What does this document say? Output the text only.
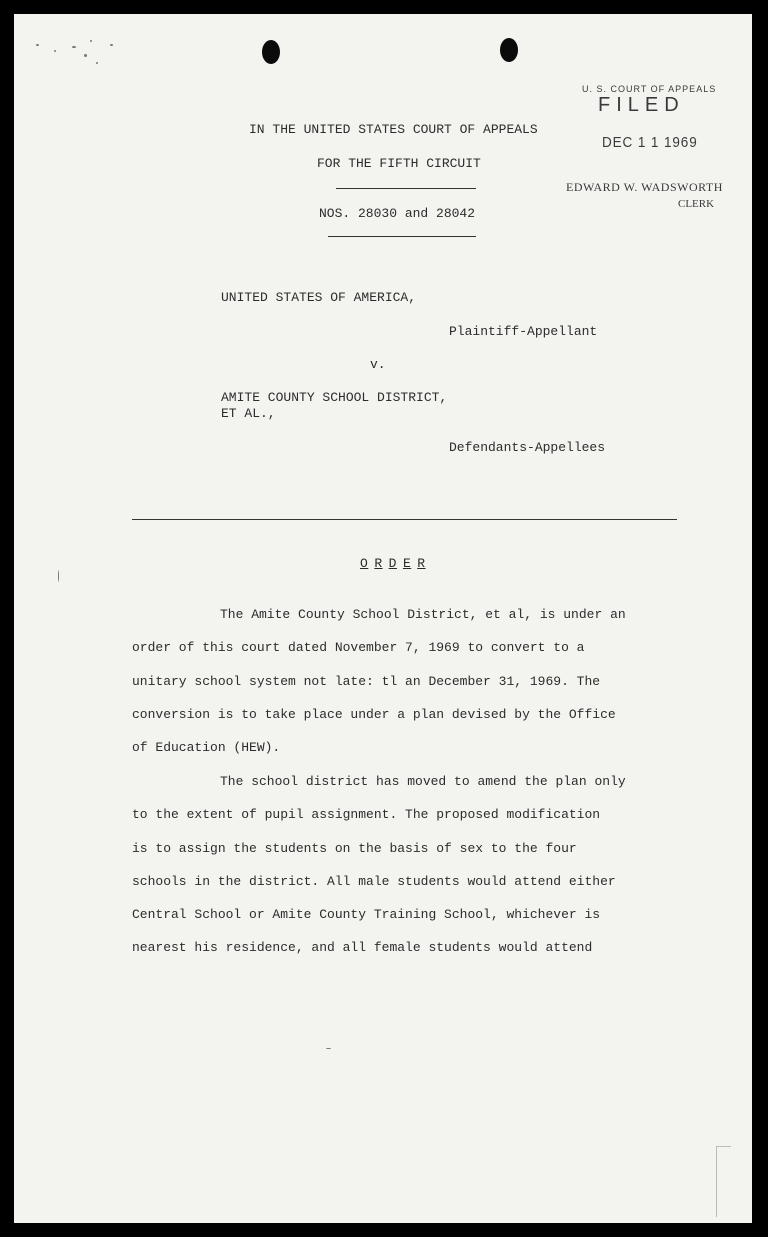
U. S. COURT OF APPEALS
FILED
DEC 1 1 1969
EDWARD W. WADSWORTH
CLERK
IN THE UNITED STATES COURT OF APPEALS
FOR THE FIFTH CIRCUIT
NOS. 28030 and 28042
UNITED STATES OF AMERICA,
Plaintiff-Appellant
v.
AMITE COUNTY SCHOOL DISTRICT,
ET AL.,
Defendants-Appellees
O R D E R
The Amite County School District, et al, is under an
order of this court dated November 7, 1969 to convert to a
unitary school system not late: tl an December 31, 1969. The
conversion is to take place under a plan devised by the Office
of Education (HEW).
The school district has moved to amend the plan only
to the extent of pupil assignment. The proposed modification
is to assign the students on the basis of sex to the four
schools in the district. All male students would attend either
Central School or Amite County Training School, whichever is
nearest his residence, and all female students would attend
